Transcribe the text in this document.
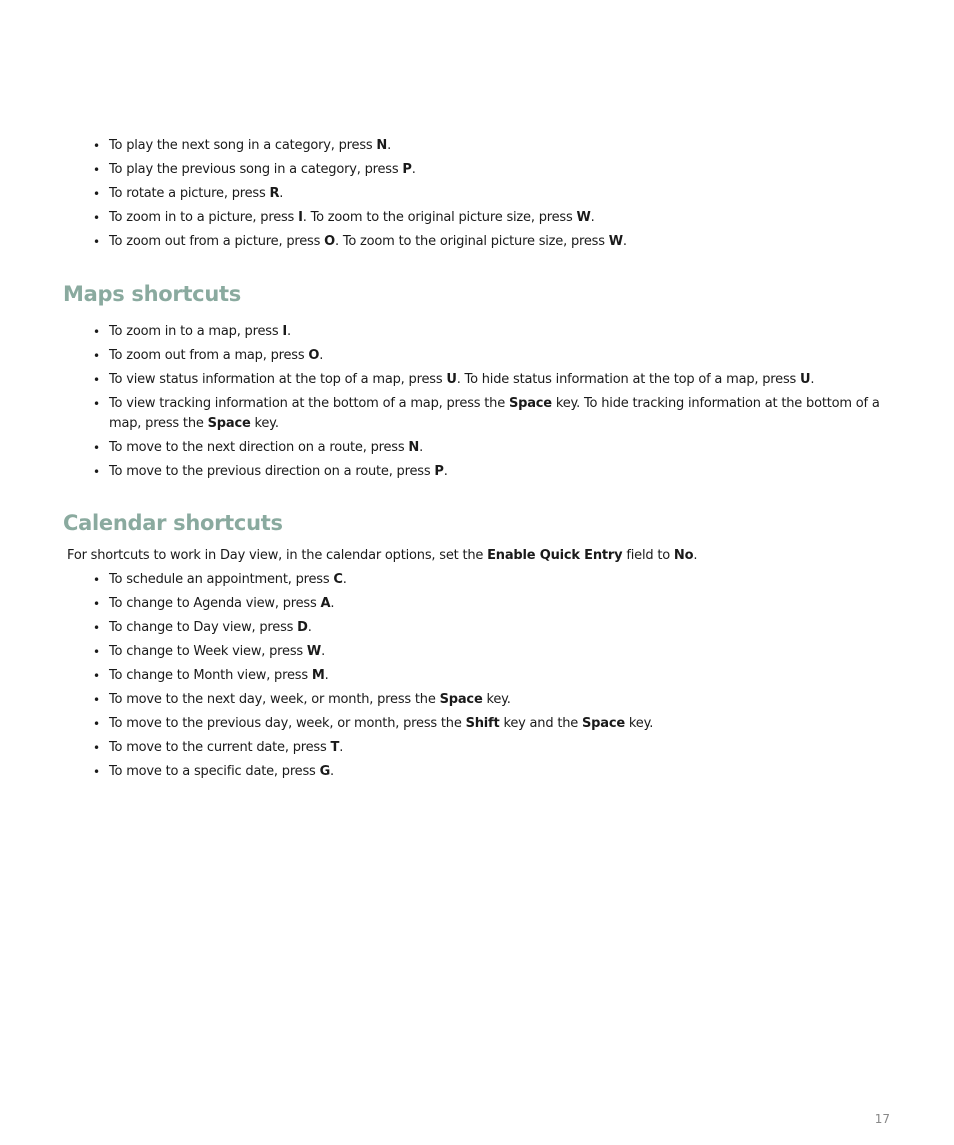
• To play the next song in a category, press N.
• To play the previous song in a category, press P.
• To rotate a picture, press R.
• To zoom in to a picture, press I. To zoom to the original picture size, press W.
• To zoom out from a picture, press O. To zoom to the original picture size, press W.
Maps shortcuts
• To zoom in to a map, press I.
• To zoom out from a map, press O.
• To view status information at the top of a map, press U. To hide status information at the top of a map, press U.
• To view tracking information at the bottom of a map, press the Space key. To hide tracking information at the bottom of a map, press the Space key.
• To move to the next direction on a route, press N.
• To move to the previous direction on a route, press P.
Calendar shortcuts

For shortcuts to work in Day view, in the calendar options, set the Enable Quick Entry field to No.

• To schedule an appointment, press C.
• To change to Agenda view, press A.
• To change to Day view, press D.
• To change to Week view, press W.
• To change to Month view, press M.
• To move to the next day, week, or month, press the Space key.
• To move to the previous day, week, or month, press the Shift key and the Space key.
• To move to the current date, press T.
• To move to a specific date, press G.
17
